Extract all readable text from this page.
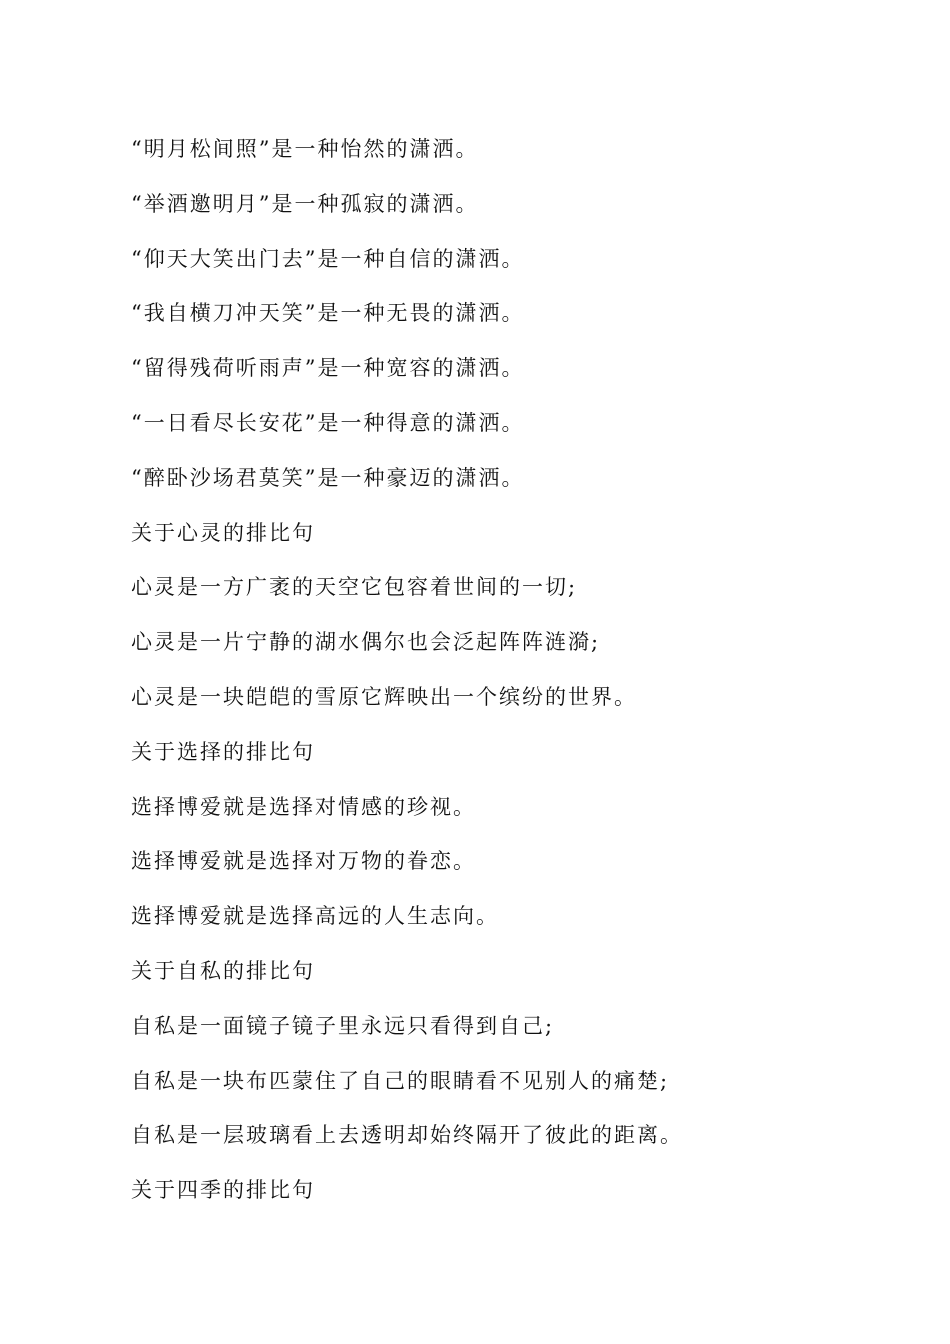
“明月松间照”是一种怡然的潇洒。
“举酒邀明月”是一种孤寂的潇洒。
“仰天大笑出门去”是一种自信的潇洒。
“我自横刀冲天笑”是一种无畏的潇洒。
“留得残荷听雨声”是一种宽容的潇洒。
“一日看尽长安花”是一种得意的潇洒。
“醉卧沙场君莫笑”是一种豪迈的潇洒。
关于心灵的排比句
心灵是一方广袤的天空它包容着世间的一切;
心灵是一片宁静的湖水偶尔也会泛起阵阵涟漪;
心灵是一块皑皑的雪原它辉映出一个缤纷的世界。
关于选择的排比句
选择博爱就是选择对情感的珍视。
选择博爱就是选择对万物的眷恋。
选择博爱就是选择高远的人生志向。
关于自私的排比句
自私是一面镜子镜子里永远只看得到自己;
自私是一块布匹蒙住了自己的眼睛看不见别人的痛楚;
自私是一层玻璃看上去透明却始终隔开了彼此的距离。
关于四季的排比句
